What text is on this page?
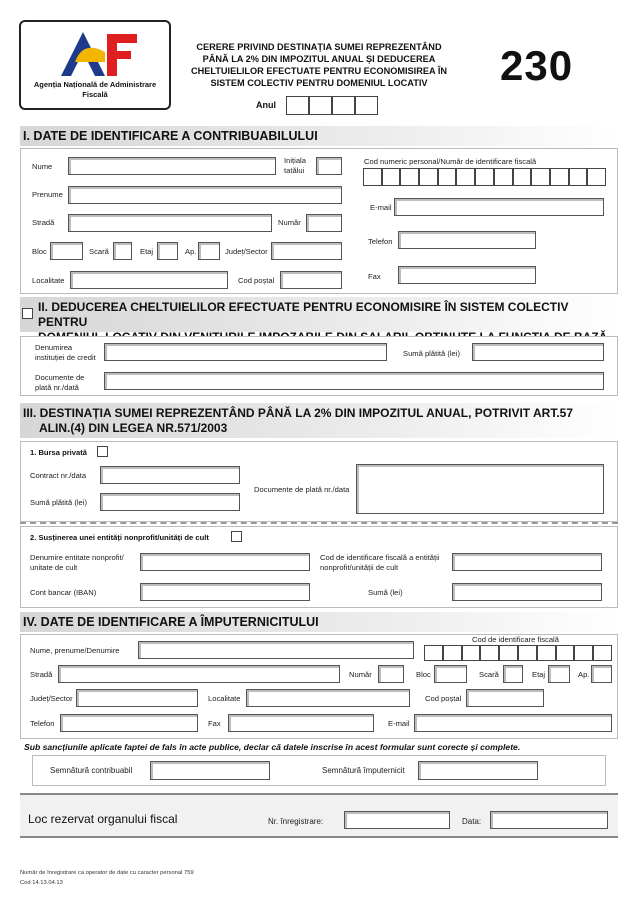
Agenția Națională de Administrare Fiscală
CERERE PRIVIND DESTINAȚIA SUMEI REPREZENTÂND
PÂNĂ LA 2% DIN IMPOZITUL ANUAL ȘI DEDUCEREA
CHELTUIELILOR EFECTUATE PENTRU ECONOMISIREA ÎN
SISTEM COLECTIV PENTRU DOMENIUL LOCATIV	230
Anul
I. DATE DE IDENTIFICARE A CONTRIBUABILULUI
Nume
Inițiala
tatălui
Cod numeric personal/Număr de identificare fiscală
Prenume
E-mail
Stradă	Număr
Telefon
Bloc	Scară	Etaj	Ap.	Județ/Sector
Localitate	Cod poștal	Fax
II. DEDUCEREA CHELTUIELILOR EFECTUATE PENTRU ECONOMISIRE ÎN SISTEM COLECTIV PENTRU
Denumirea
instituției de credit	Sumă plătită (lei)
Documente de
plată nr./dată
III. DESTINAȚIA SUMEI REPREZENTÂND PÂNĂ LA 2% DIN IMPOZITUL ANUAL, POTRIVIT ART.57
ALIN.(4) DIN LEGEA NR.571/2003
1. Bursa privată
Contract nr./data
Sumă plătită (lei)
Documente de plată nr./data
2. Susținerea unei entități nonprofit/unități de cult
Denumire entitate nonprofit/
unitate de cult
Cod de identificare fiscală a entității
nonprofit/unității de cult
Cont bancar (IBAN)	Sumă (lei)
IV. DATE DE IDENTIFICARE A ÎMPUTERNICITULUI
Cod de identificare fiscală
Nume, prenume/Denumire
Stradă	Număr	Bloc	Scară	Etaj	Ap.
Județ/Sector	Localitate	Cod poștal
Telefon	Fax	E-mail
Sub sancțiunile aplicate faptei de fals în acte publice, declar că datele inscrise în acest formular sunt corecte și complete.
Semnătură contribuabil	Semnătură împuternicit
Loc rezervat organului fiscal	Nr. înregistrare:	Data:
Număr de înregistrare ca operator de date cu caracter personal 759
Cod 14.13.04.13
